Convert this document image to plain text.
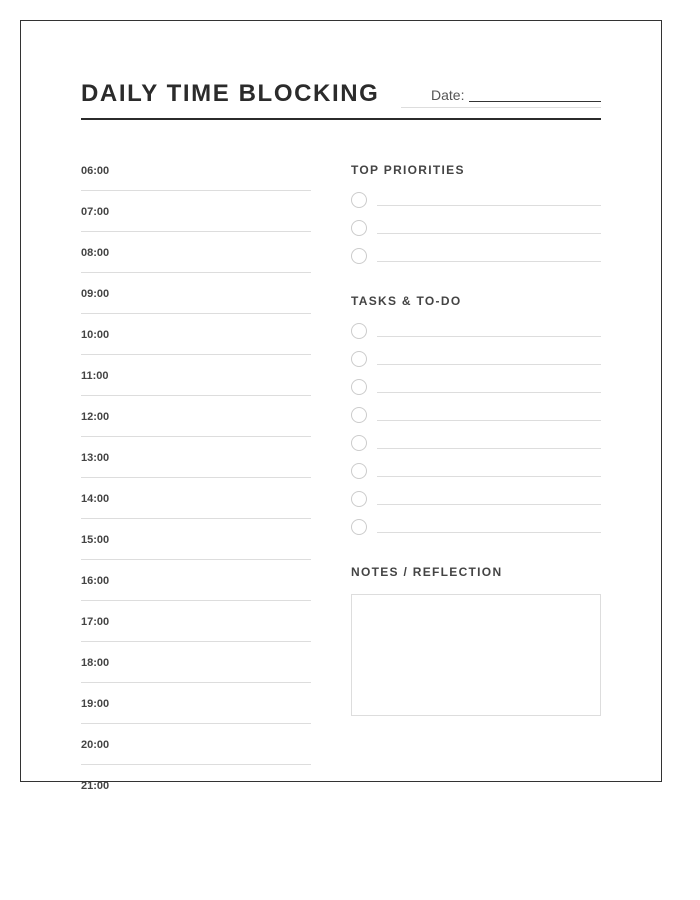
DAILY TIME BLOCKING	Date:
06:00
07:00
08:00
09:00
10:00
11:00
12:00
13:00
14:00
15:00
16:00
17:00
18:00
19:00
20:00
21:00
TOP PRIORITIES
TASKS & TO-DO
NOTES / REFLECTION
